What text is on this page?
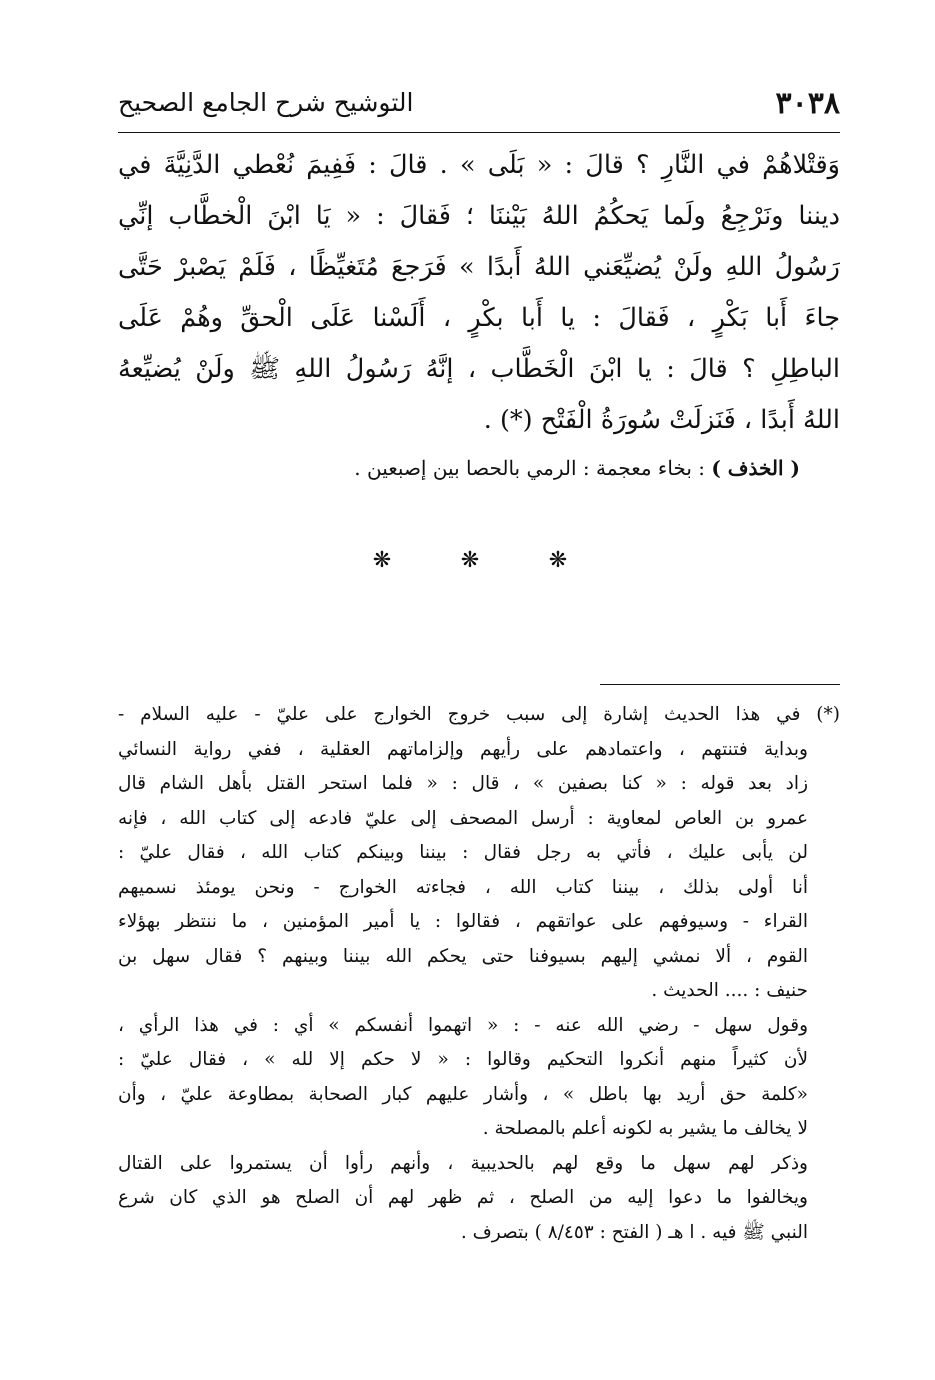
٣٠٣٨
التوشيح شرح الجامع الصحيح
وَقتْلاهُمْ في النَّارِ ؟ قالَ : « بَلَى » . قالَ : فَفِيمَ نُعْطي الدَّنِيَّةَ في
ديننا ونَرْجِعُ ولَما يَحكُمُ اللهُ بَيْننَا ؛ فَقالَ : « يَا ابْنَ الْخطَّاب إنِّي
رَسُولُ اللهِ ولَنْ يُضيِّعَني اللهُ أَبدًا » فَرَجعَ مُتَغيِّظًا ، فَلَمْ يَصْبرْ حَتَّى
جاءَ أَبا بَكْرٍ ، فَقالَ : يا أَبا بكْرٍ ، أَلَسْنا عَلَى الْحقِّ وهُمْ عَلَى
الباطِلِ ؟ قالَ : يا ابْنَ الْخَطَّاب ، إنَّهُ رَسُولُ اللهِ ﷺ ولَنْ يُضيِّعهُ
اللهُ أَبدًا ، فَنَزلَتْ سُورَةُ الْفَتْح (*) .
( الخذف ) : بخاء معجمة : الرمي بالحصا بين إصبعين .
❋	❋	❋
(*) في هذا الحديث إشارة إلى سبب خروج الخوارج على عليّ - عليه السلام -
وبداية فتنتهم ، واعتمادهم على رأيهم وإلزاماتهم العقلية ، ففي رواية النسائي
زاد بعد قوله : « كنا بصفين » ، قال : « فلما استحر القتل بأهل الشام قال
عمرو بن العاص لمعاوية : أرسل المصحف إلى عليّ فادعه إلى كتاب الله ، فإنه
لن يأبى عليك ، فأتي به رجل فقال : بيننا وبينكم كتاب الله ، فقال عليّ :
أنا أولى بذلك ، بيننا كتاب الله ، فجاءته الخوارج - ونحن يومئذ نسميهم
القراء - وسيوفهم على عواتقهم ، فقالوا : يا أمير المؤمنين ، ما ننتظر بهؤلاء
القوم ، ألا نمشي إليهم بسيوفنا حتى يحكم الله بيننا وبينهم ؟ فقال سهل بن
حنيف : .... الحديث .
وقول سهل - رضي الله عنه - : « اتهموا أنفسكم » أي : في هذا الرأي ،
لأن كثيراً منهم أنكروا التحكيم وقالوا : « لا حكم إلا لله » ، فقال عليّ :
«كلمة حق أريد بها باطل » ، وأشار عليهم كبار الصحابة بمطاوعة عليّ ، وأن
لا يخالف ما يشير به لكونه أعلم بالمصلحة .
وذكر لهم سهل ما وقع لهم بالحديبية ، وأنهم رأوا أن يستمروا على القتال
ويخالفوا ما دعوا إليه من الصلح ، ثم ظهر لهم أن الصلح هو الذي كان شرع
النبي ﷺ فيه . ا هـ ( الفتح : ٨/٤٥٣ ) بتصرف .
